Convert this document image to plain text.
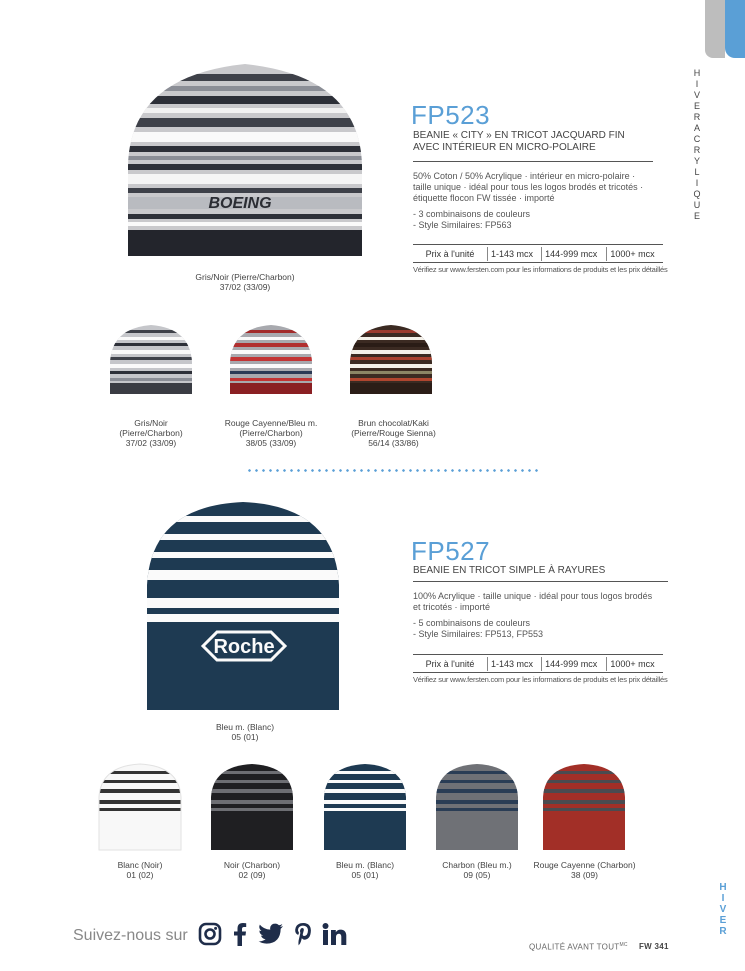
H
I
V
E
R
A
C
R
Y
L
I
Q
U
E
H
I
V
E
R
BOEING
Gris/Noir (Pierre/Charbon)
37/02 (33/09)
FP523
BEANIE « CITY » EN TRICOT JACQUARD FIN
AVEC INTÉRIEUR EN MICRO-POLAIRE
50% Coton / 50% Acrylique · intérieur en micro-polaire ·
taille unique · idéal pour tous les logos brodés et tricotés ·
étiquette flocon FW tissée · importé
- 3 combinaisons de couleurs
- Style Similaires: FP563
Prix à l'unité	1-143 mcx	144-999 mcx	1000+ mcx
Vérifiez sur www.fersten.com pour les informations de produits et les prix détaillés
Gris/Noir
(Pierre/Charbon)
37/02 (33/09)
Rouge Cayenne/Bleu m.
(Pierre/Charbon)
38/05 (33/09)
Brun chocolat/Kaki
(Pierre/Rouge Sienna)
56/14 (33/86)
Roche
Bleu m. (Blanc)
05 (01)
FP527
BEANIE EN TRICOT SIMPLE À RAYURES
100% Acrylique · taille unique · idéal pour tous logos brodés
et tricotés · importé
- 5 combinaisons de couleurs
- Style Similaires: FP513, FP553
Prix à l'unité	1-143 mcx	144-999 mcx	1000+ mcx
Vérifiez sur www.fersten.com pour les informations de produits et les prix détaillés
Blanc (Noir)
01 (02)
Noir (Charbon)
02 (09)
Bleu m. (Blanc)
05 (01)
Charbon (Bleu m.)
09 (05)
Rouge Cayenne (Charbon)
38 (09)
Suivez-nous sur
QUALITÉ AVANT $TOUT^{MC}$ FW 341
